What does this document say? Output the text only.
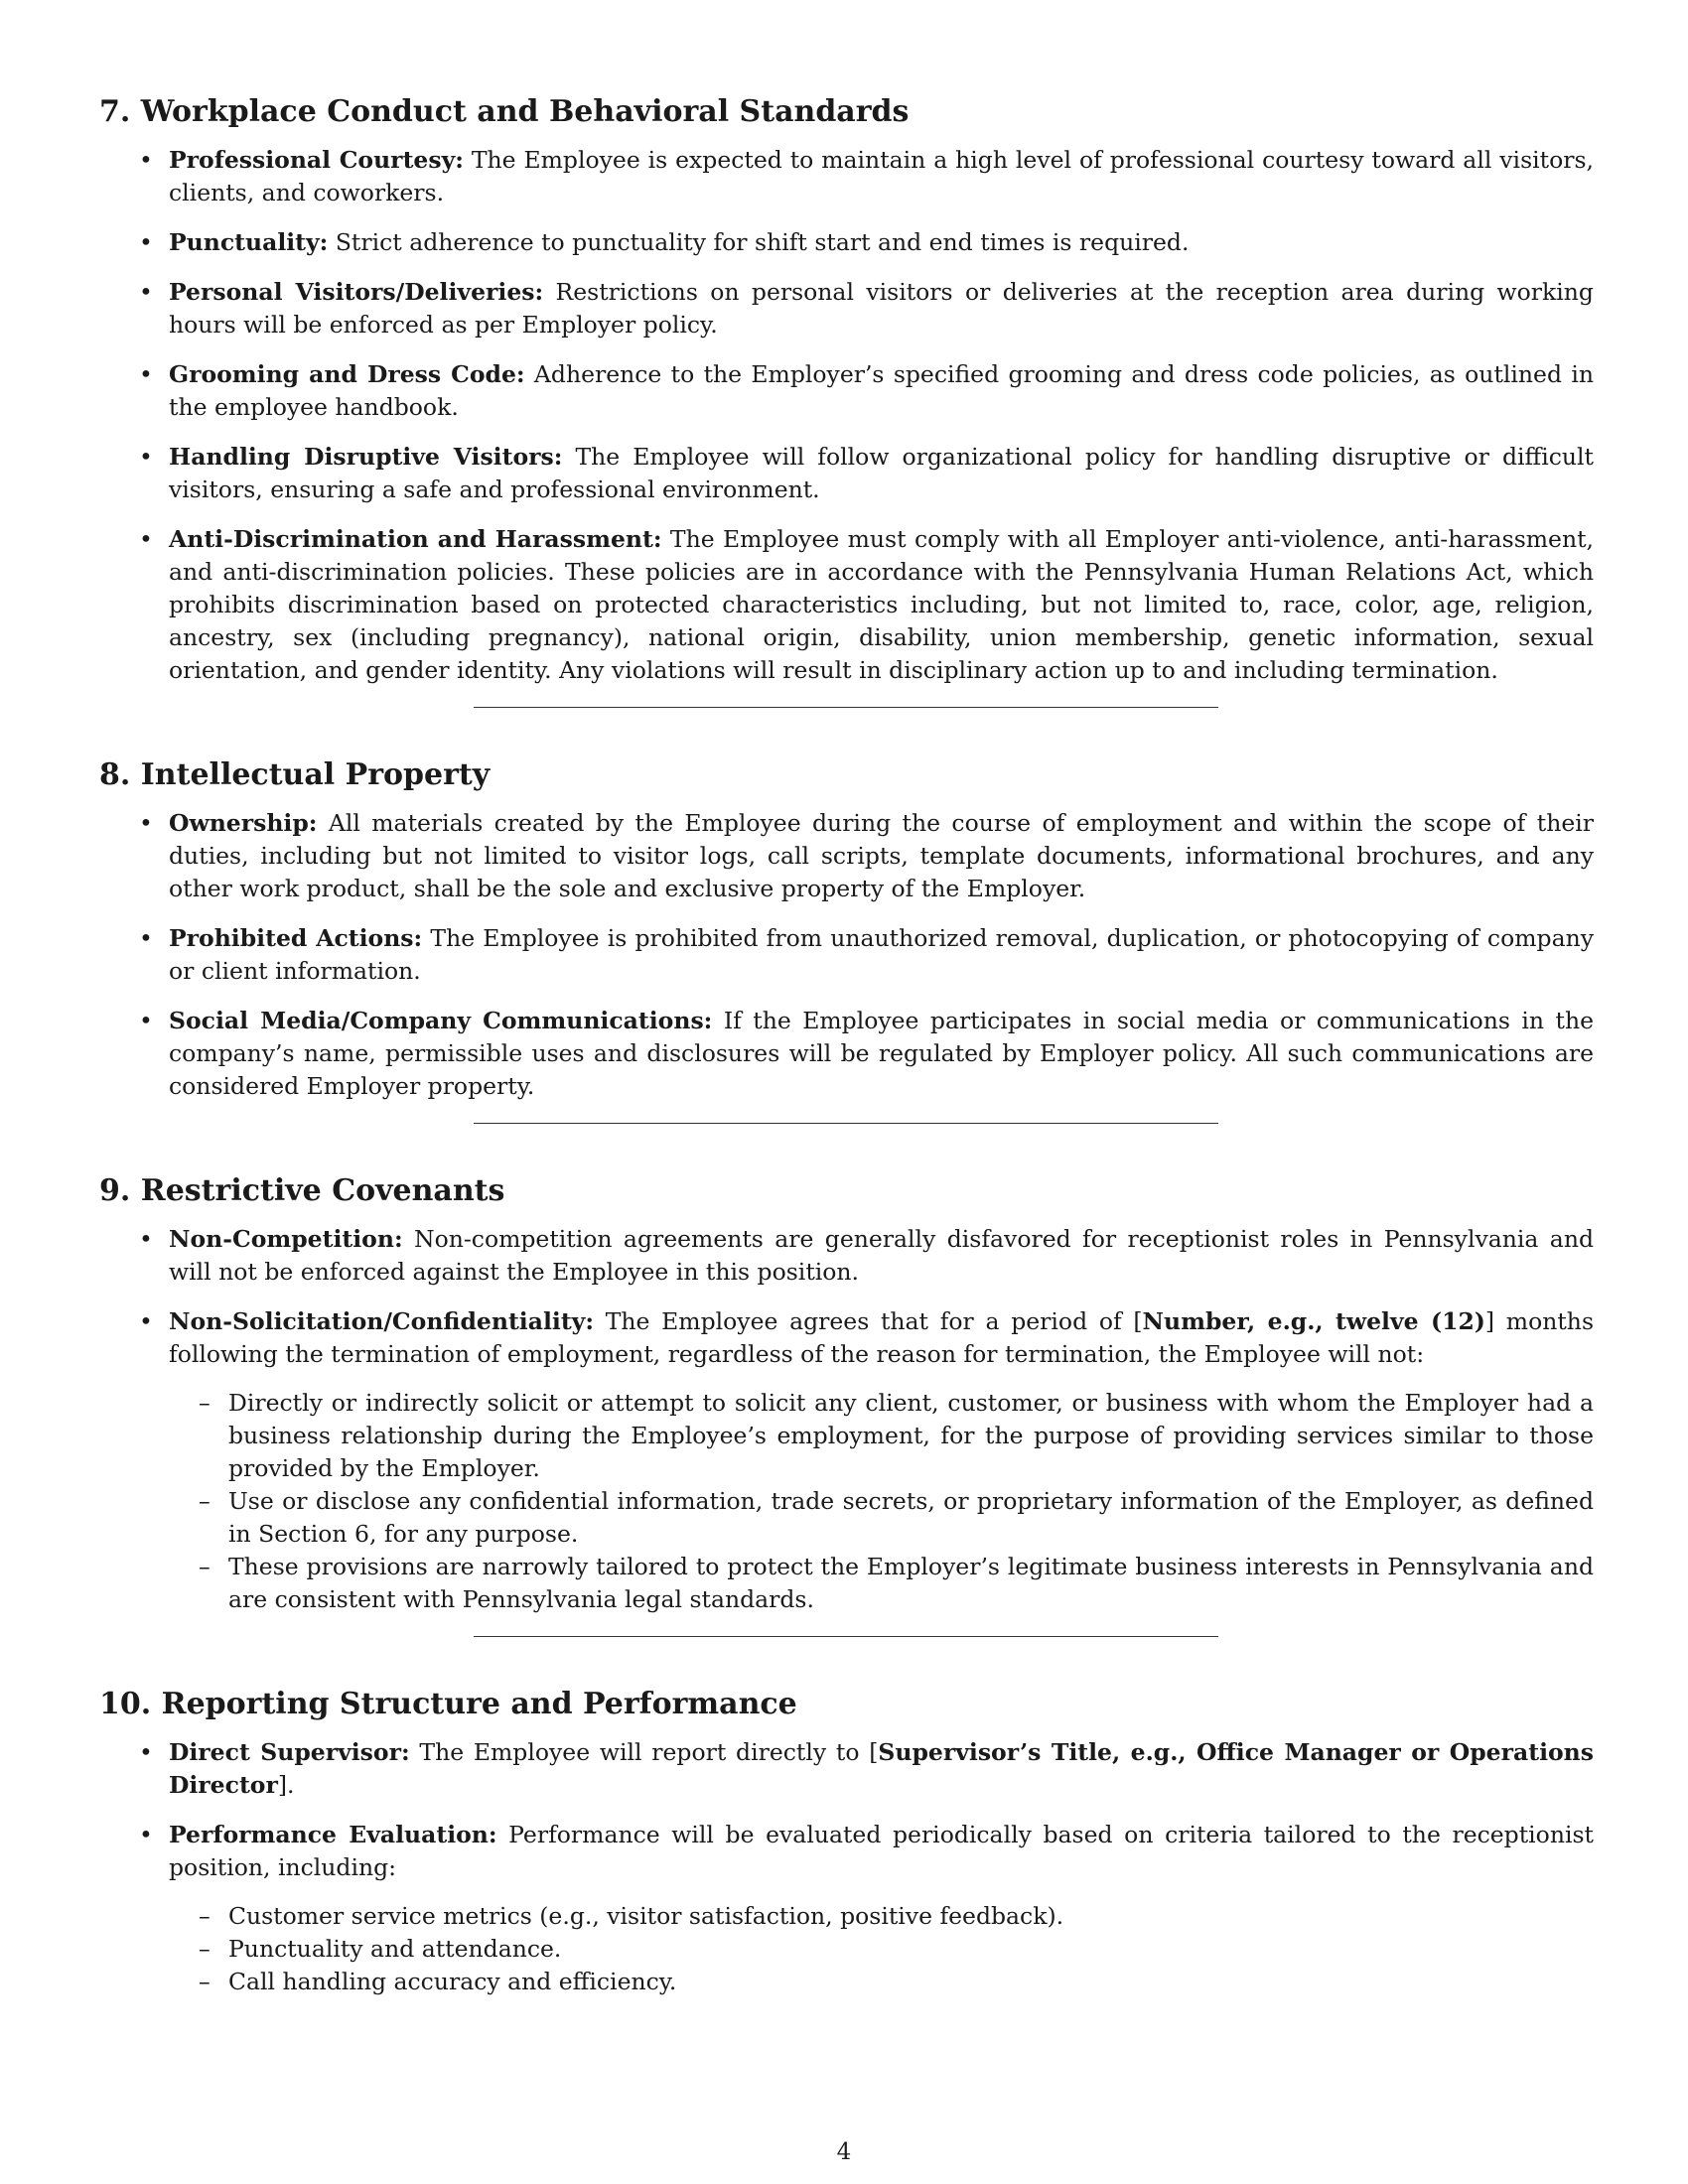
7. Workplace Conduct and Behavioral Standards
• Professional Courtesy: The Employee is expected to maintain a high level of professional courtesy toward all visitors, clients, and coworkers.
• Punctuality: Strict adherence to punctuality for shift start and end times is required.
• Personal Visitors/Deliveries: Restrictions on personal visitors or deliveries at the reception area during working hours will be enforced as per Employer policy.
• Grooming and Dress Code: Adherence to the Employer’s specified grooming and dress code policies, as outlined in the employee handbook.
• Handling Disruptive Visitors: The Employee will follow organizational policy for handling disruptive or difficult visitors, ensuring a safe and professional environment.
• Anti-Discrimination and Harassment: The Employee must comply with all Employer anti-violence, anti-harassment, and anti-discrimination policies. These policies are in accordance with the Pennsylvania Human Relations Act, which prohibits discrimination based on protected characteristics including, but not limited to, race, color, age, religion, ancestry, sex (including pregnancy), national origin, disability, union membership, genetic information, sexual orientation, and gender identity. Any violations will result in disciplinary action up to and including termination.
8. Intellectual Property
• Ownership: All materials created by the Employee during the course of employment and within the scope of their duties, including but not limited to visitor logs, call scripts, template documents, informational brochures, and any other work product, shall be the sole and exclusive property of the Employer.
• Prohibited Actions: The Employee is prohibited from unauthorized removal, duplication, or photocopying of company or client information.
• Social Media/Company Communications: If the Employee participates in social media or communications in the company’s name, permissible uses and disclosures will be regulated by Employer policy. All such communications are considered Employer property.
9. Restrictive Covenants
• Non-Competition: Non-competition agreements are generally disfavored for receptionist roles in Pennsylvania and will not be enforced against the Employee in this position.
• Non-Solicitation/Confidentiality: The Employee agrees that for a period of [Number, e.g., twelve (12)] months following the termination of employment, regardless of the reason for termination, the Employee will not:
– Directly or indirectly solicit or attempt to solicit any client, customer, or business with whom the Employer had a business relationship during the Employee’s employment, for the purpose of providing services similar to those provided by the Employer.
– Use or disclose any confidential information, trade secrets, or proprietary information of the Employer, as defined in Section 6, for any purpose.
– These provisions are narrowly tailored to protect the Employer’s legitimate business interests in Pennsylvania and are consistent with Pennsylvania legal standards.
10. Reporting Structure and Performance
• Direct Supervisor: The Employee will report directly to [Supervisor’s Title, e.g., Office Manager or Operations Director].
• Performance Evaluation: Performance will be evaluated periodically based on criteria tailored to the receptionist position, including:
– Customer service metrics (e.g., visitor satisfaction, positive feedback).
– Punctuality and attendance.
– Call handling accuracy and efficiency.
4
